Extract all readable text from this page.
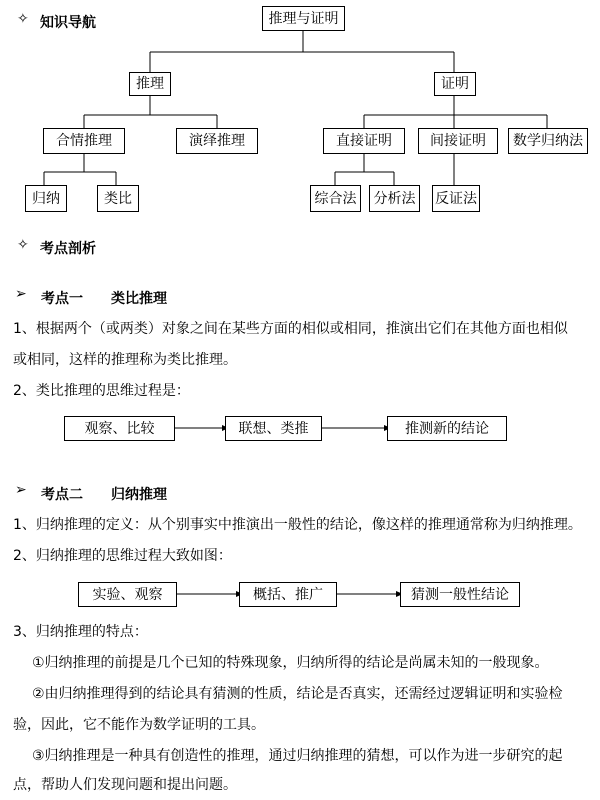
✧ 知识导航	推理与证明
推理	证明
合情推理	演绎推理	直接证明	间接证明	数学归纳法
归纳	类比	综合法	分析法	反证法
✧ 考点剖析
➢ 考点一 类比推理
1、根据两个（或两类）对象之间在某些方面的相似或相同，推演出它们在其他方面也相似
或相同，这样的推理称为类比推理。
2、类比推理的思维过程是：
观察、比较	联想、类推	推测新的结论
➢ 考点二 归纳推理
1、归纳推理的定义：从个别事实中推演出一般性的结论，像这样的推理通常称为归纳推理。
2、归纳推理的思维过程大致如图：
实验、观察	概括、推广	猜测一般性结论
3、归纳推理的特点：
①归纳推理的前提是几个已知的特殊现象，归纳所得的结论是尚属未知的一般现象。
②由归纳推理得到的结论具有猜测的性质，结论是否真实，还需经过逻辑证明和实验检
验，因此，它不能作为数学证明的工具。
③归纳推理是一种具有创造性的推理，通过归纳推理的猜想，可以作为进一步研究的起
点，帮助人们发现问题和提出问题。
